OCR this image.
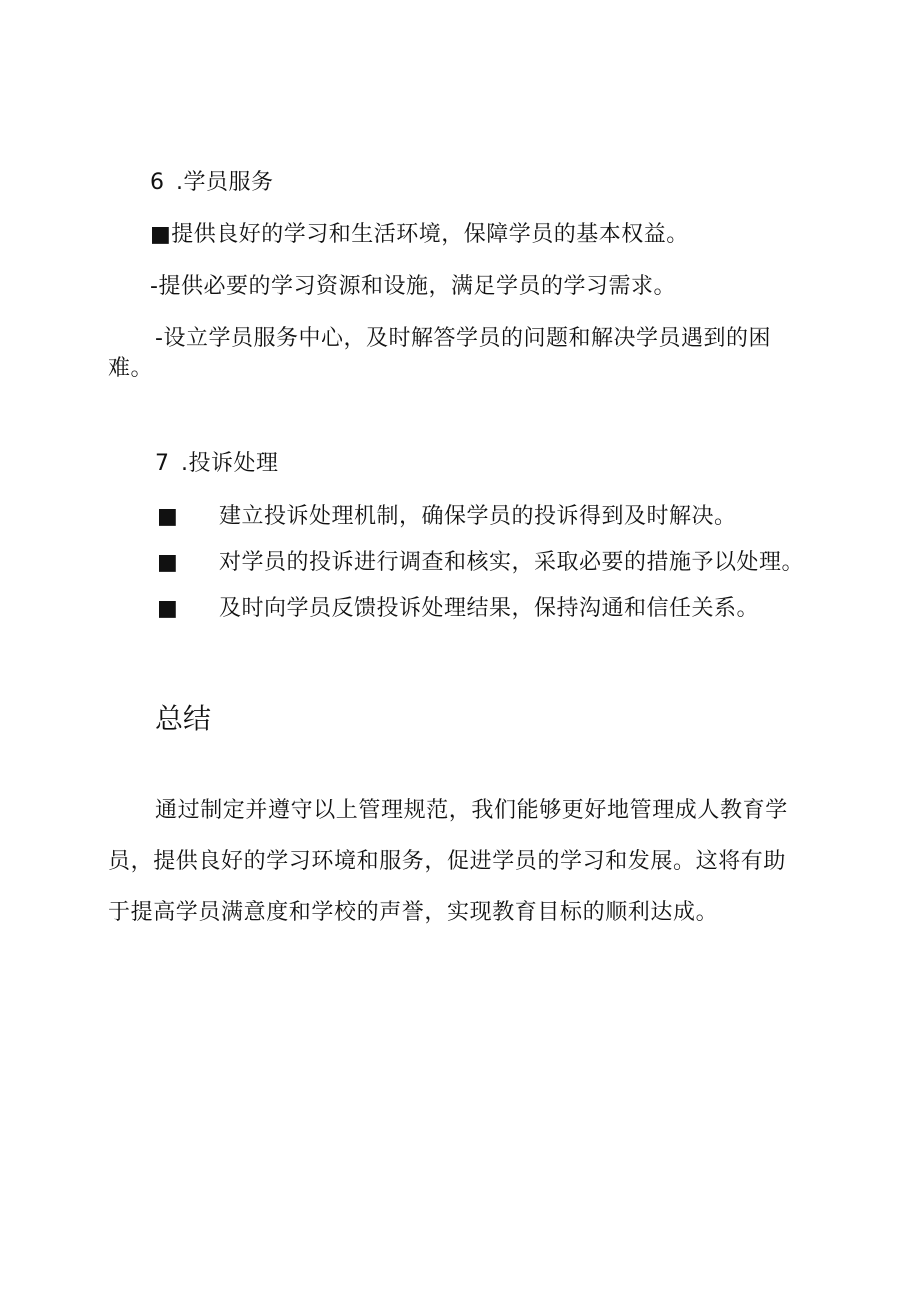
6 .学员服务
■提供良好的学习和生活环境，保障学员的基本权益。
-提供必要的学习资源和设施，满足学员的学习需求。
-设立学员服务中心，及时解答学员的问题和解决学员遇到的困
难。
7 .投诉处理
■ 建立投诉处理机制，确保学员的投诉得到及时解决。
■ 对学员的投诉进行调查和核实，采取必要的措施予以处理。
■ 及时向学员反馈投诉处理结果，保持沟通和信任关系。
总结
通过制定并遵守以上管理规范，我们能够更好地管理成人教育学
员，提供良好的学习环境和服务，促进学员的学习和发展。这将有助
于提高学员满意度和学校的声誉，实现教育目标的顺利达成。
